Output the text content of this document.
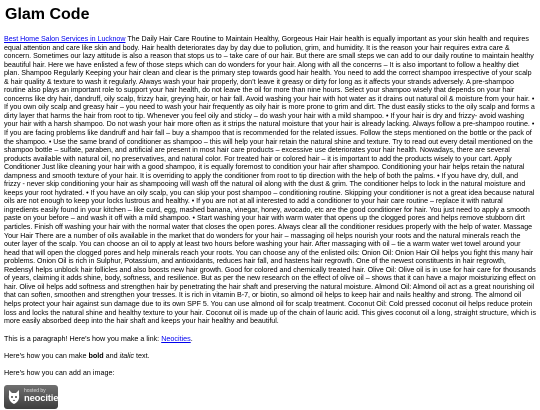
Glam Code
Best Home Salon Services in Lucknow The Daily Hair Care Routine to Maintain Healthy, Gorgeous Hair Hair health is equally important as your skin health and requires equal attention and care like skin and body. Hair health deteriorates day by day due to pollution, grim, and humidity. It is the reason your hair requires extra care & concern. Sometimes our lazy attitude is also a reason that stops us to – take care of our hair. But there are small steps we can add to our daily routine to maintain healthy beautiful hair. Here we have enlisted a few of those steps which can do wonders for your hair. Along with all the concerns – It is also important to follow a healthy diet plan. Shampoo Regularly Keeping your hair clean and clear is the primary step towards good hair health. You need to add the correct shampoo irrespective of your scalp & hair quality & texture to wash it regularly. Always wash your hair properly, don’t leave it greasy or dirty for long as it affects your strands adversely. A pre-shampoo routine also plays an important role to support your hair health, do not leave the oil for more than nine hours. Select your shampoo wisely that depends on your hair concerns like dry hair, dandruff, oily scalp, frizzy hair, greying hair, or hair fall. Avoid washing your hair with hot water as it drains out natural oil & moisture from your hair. • If you own oily scalp and greasy hair – you need to wash your hair frequently as oily hair is more prone to grim and dirt. The dust easily sticks to the oily scalp and forms a dirty layer that harms the hair from root to tip. Whenever you feel oily and sticky – do wash your hair with a mild shampoo. • If your hair is dry and frizzy- avoid washing your hair with a harsh shampoo. Do not wash your hair more often as it strips the natural moisture that your hair is already lacking. Always follow a pre-shampoo routine. • If you are facing problems like dandruff and hair fall – buy a shampoo that is recommended for the related issues. Follow the steps mentioned on the bottle or the pack of the shampoo. • Use the same brand of conditioner as shampoo – this will help your hair retain the natural shine and texture. Try to read out every detail mentioned on the shampoo bottle – sulfate, paraben, and artificial are present in most hair care products – excessive use deteriorates your hair health. Nowadays, there are several products available with natural oil, no preservatives, and natural color. For treated hair or colored hair – it is important to add the products wisely to your cart. Apply Conditioner Just like cleaning your hair with a good shampoo, it is equally foremost to condition your hair after shampoo. Conditioning your hair helps retain the natural dampness and smooth texture of your hair. It is overriding to apply the conditioner from root to tip direction with the help of both the palms. • If you have dry, dull, and frizzy - never skip conditioning your hair as shampooing will wash off the natural oil along with the dust & grim. The conditioner helps to lock in the natural moisture and keeps your root hydrated. • If you have an oily scalp, you can skip your post shampoo – conditioning routine. Skipping your conditioner is not a great idea because natural oils are not enough to keep your locks lustrous and healthy. • If you are not at all interested to add a conditioner to your hair care routine – replace it with natural ingredients easily found in your kitchen – like curd, egg, mashed banana, vinegar, honey, avocado, etc are the good conditioner for hair. You just need to apply a smooth paste on your before – and wash it off with a mild shampoo. • Start washing your hair with warm water that opens up the clogged pores and helps remove stubborn dirt particles. Finish off washing your hair with the normal water that closes the open pores. Always clear all the conditioner residues properly with the help of water. Massage Your Hair There are a number of oils available in the market that do wonders for your hair – massaging oil helps nourish your roots and the natural minerals reach the outer layer of the scalp. You can choose an oil to apply at least two hours before washing your hair. After massaging with oil – tie a warm water wet towel around your head that will open the clogged pores and help minerals reach your roots. You can choose any of the enlisted oils: Onion Oil: Onion Hair Oil helps you fight this many hair problems. Onion Oil is rich in Sulphur, Potassium, and antioxidants, reduces hair fall, and hastens hair regrowth. One of the newest constituents in hair regrowth, Redensyl helps unblock hair follicles and also boosts new hair growth. Good for colored and chemically treated hair. Olive Oil: Olive oil is in use for hair care for thousands of years, claiming it adds shine, body, softness, and resilience. But as per the new research on the effect of olive oil – shows that it can have a major moisturizing effect on hair. Olive oil helps add softness and strengthen hair by penetrating the hair shaft and preserving the natural moisture. Almond Oil: Almond oil act as a great nourishing oil that can soften, smoothen and strengthen your tresses. It is rich in vitamin B-7, or biotin, so almond oil helps to keep hair and nails healthy and strong. The almond oil helps protect your hair against sun damage due to its own SPF 5. You can use almond oil for scalp treatment. Coconut Oil: Cold pressed coconut oil helps reduce protein loss and locks the natural shine and healthy texture to your hair. Coconut oil is made up of the chain of lauric acid. This gives coconut oil a long, straight structure, which is more easily absorbed deep into the hair shaft and keeps your hair healthy and beautiful.

This is a paragraph! Here's how you make a link: Neocities.

Here's how you can make bold and italic text.

Here's how you can add an image:

hosted by
neocities
